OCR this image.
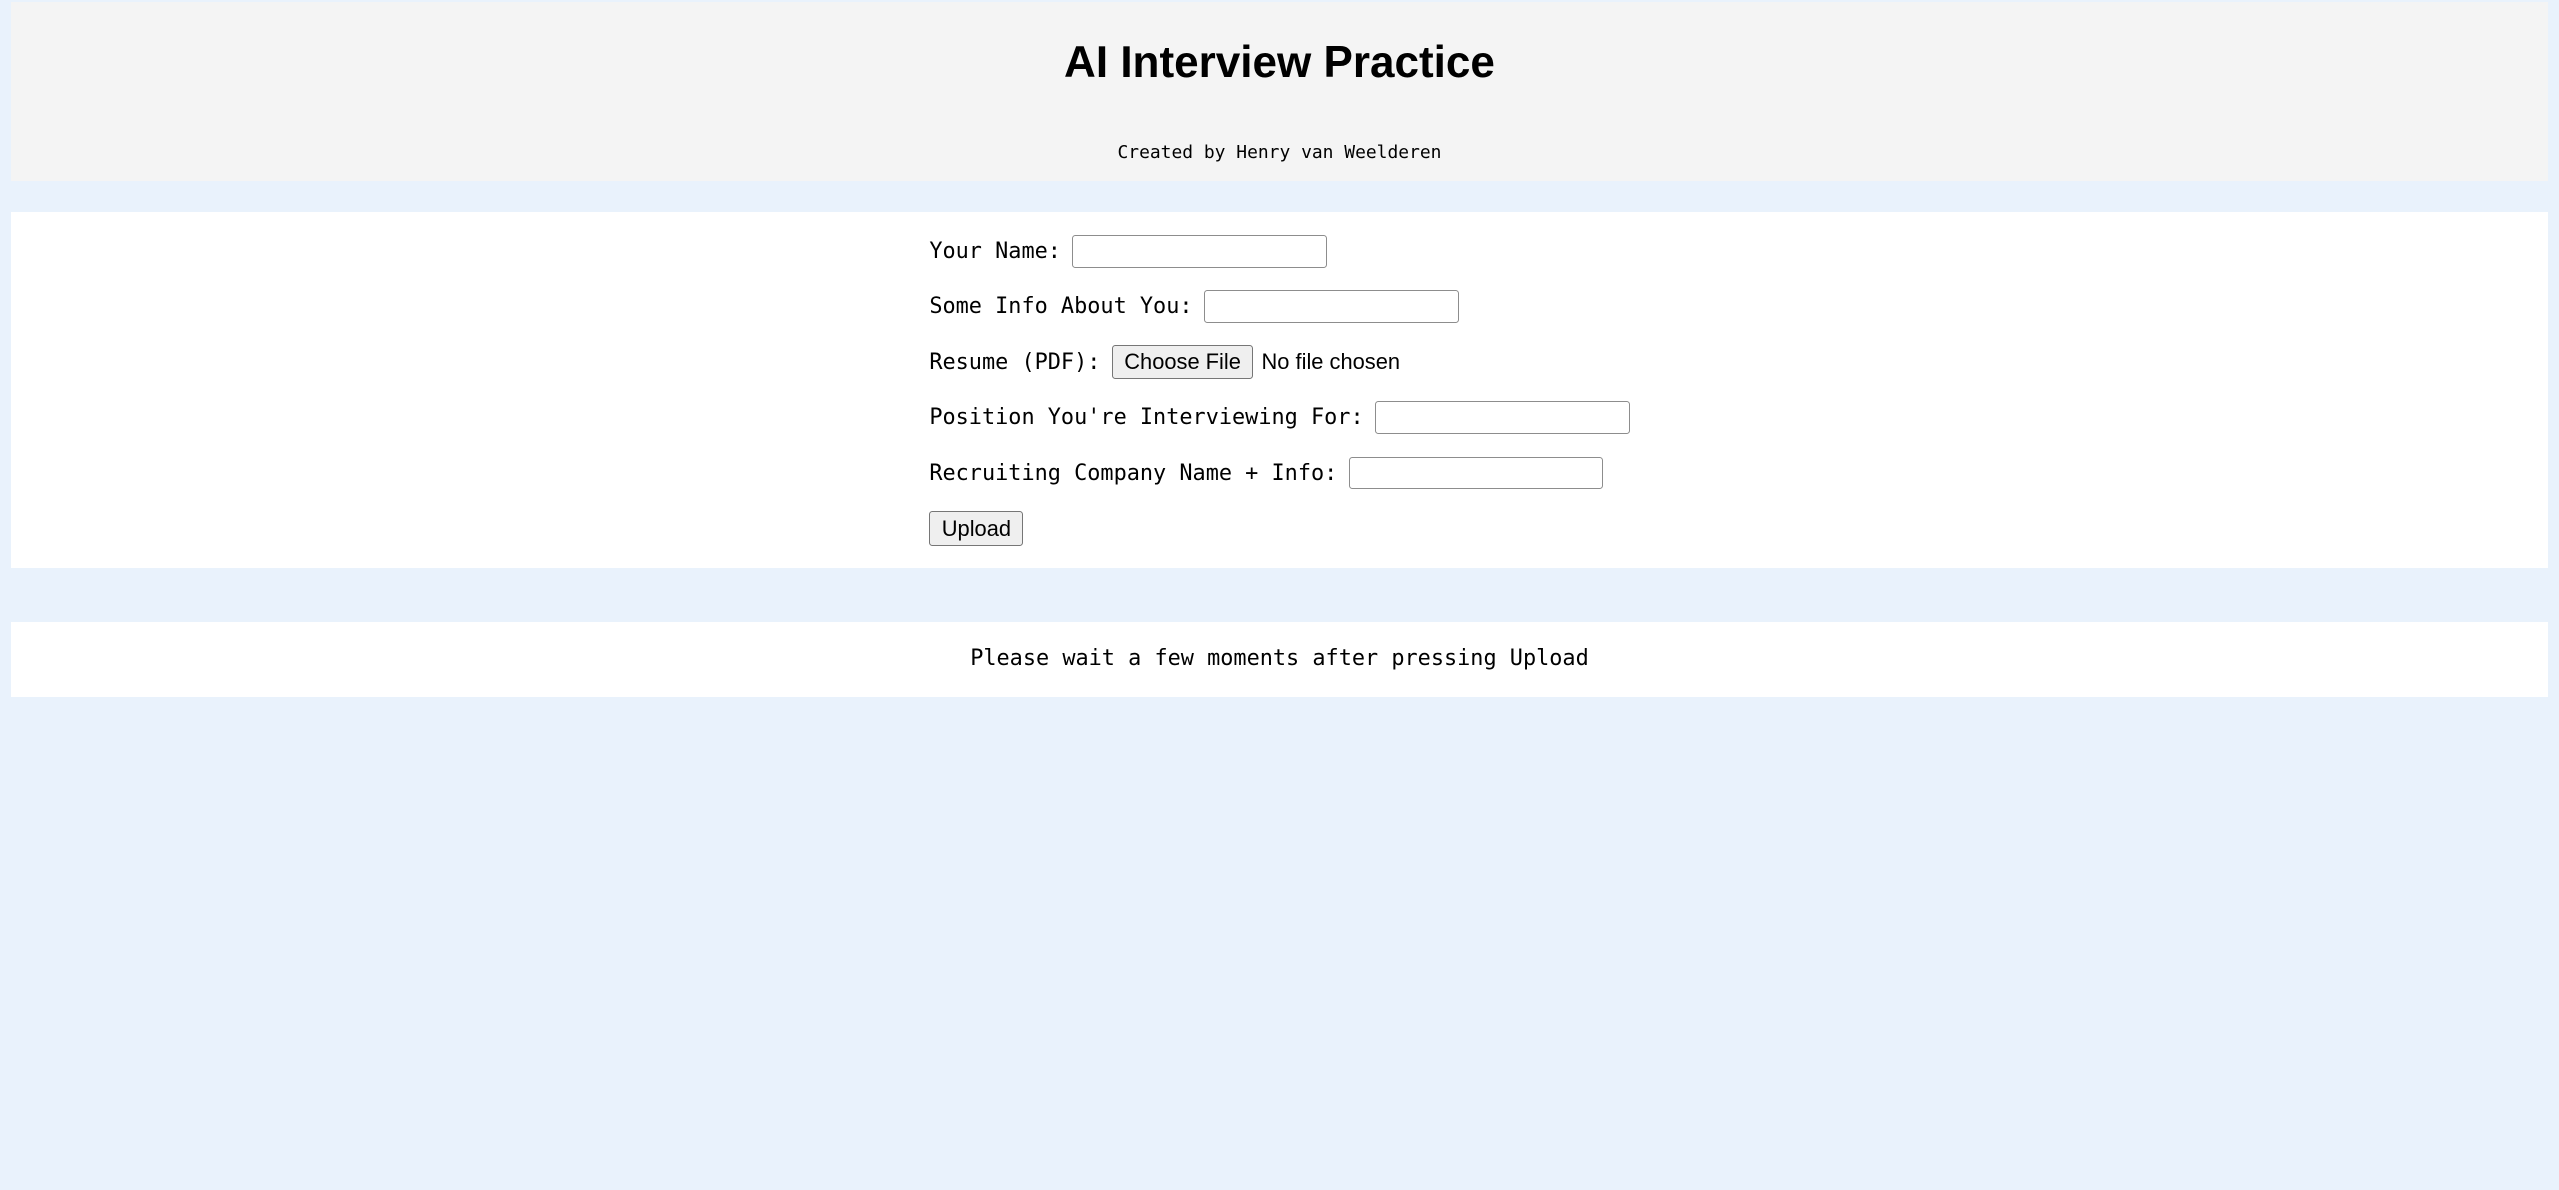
AI Interview Practice
Created by Henry van Weelderen
Your Name:
Some Info About You:
Resume (PDF):	Choose File	No file chosen
Position You're Interviewing For:
Recruiting Company Name + Info:
Upload

Please wait a few moments after pressing Upload
